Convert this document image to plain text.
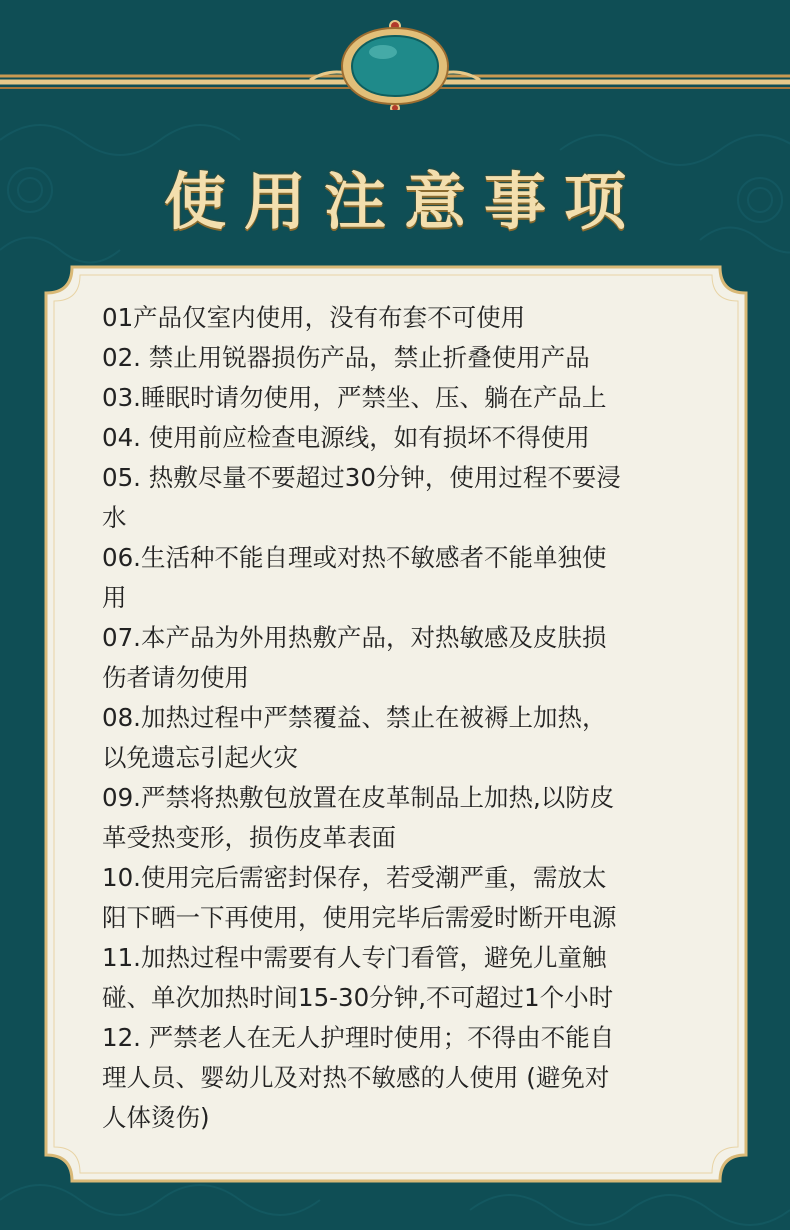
使用注意事项
01产品仅室内使用，没有布套不可使用
02. 禁止用锐器损伤产品，禁止折叠使用产品
03.睡眠时请勿使用，严禁坐、压、躺在产品上
04. 使用前应检查电源线，如有损坏不得使用
05. 热敷尽量不要超过30分钟，使用过程不要浸
水
06.生活种不能自理或对热不敏感者不能单独使
用
07.本产品为外用热敷产品，对热敏感及皮肤损
伤者请勿使用
08.加热过程中严禁覆益、禁止在被褥上加热，
以免遗忘引起火灾
09.严禁将热敷包放置在皮革制品上加热,以防皮
革受热变形，损伤皮革表面
10.使用完后需密封保存，若受潮严重，需放太
阳下晒一下再使用，使用完毕后需爱时断开电源
11.加热过程中需要有人专门看管，避免儿童触
碰、单次加热时间15-30分钟,不可超过1个小时
12. 严禁老人在无人护理时使用；不得由不能自
理人员、婴幼儿及对热不敏感的人使用 (避免对
人体烫伤)
